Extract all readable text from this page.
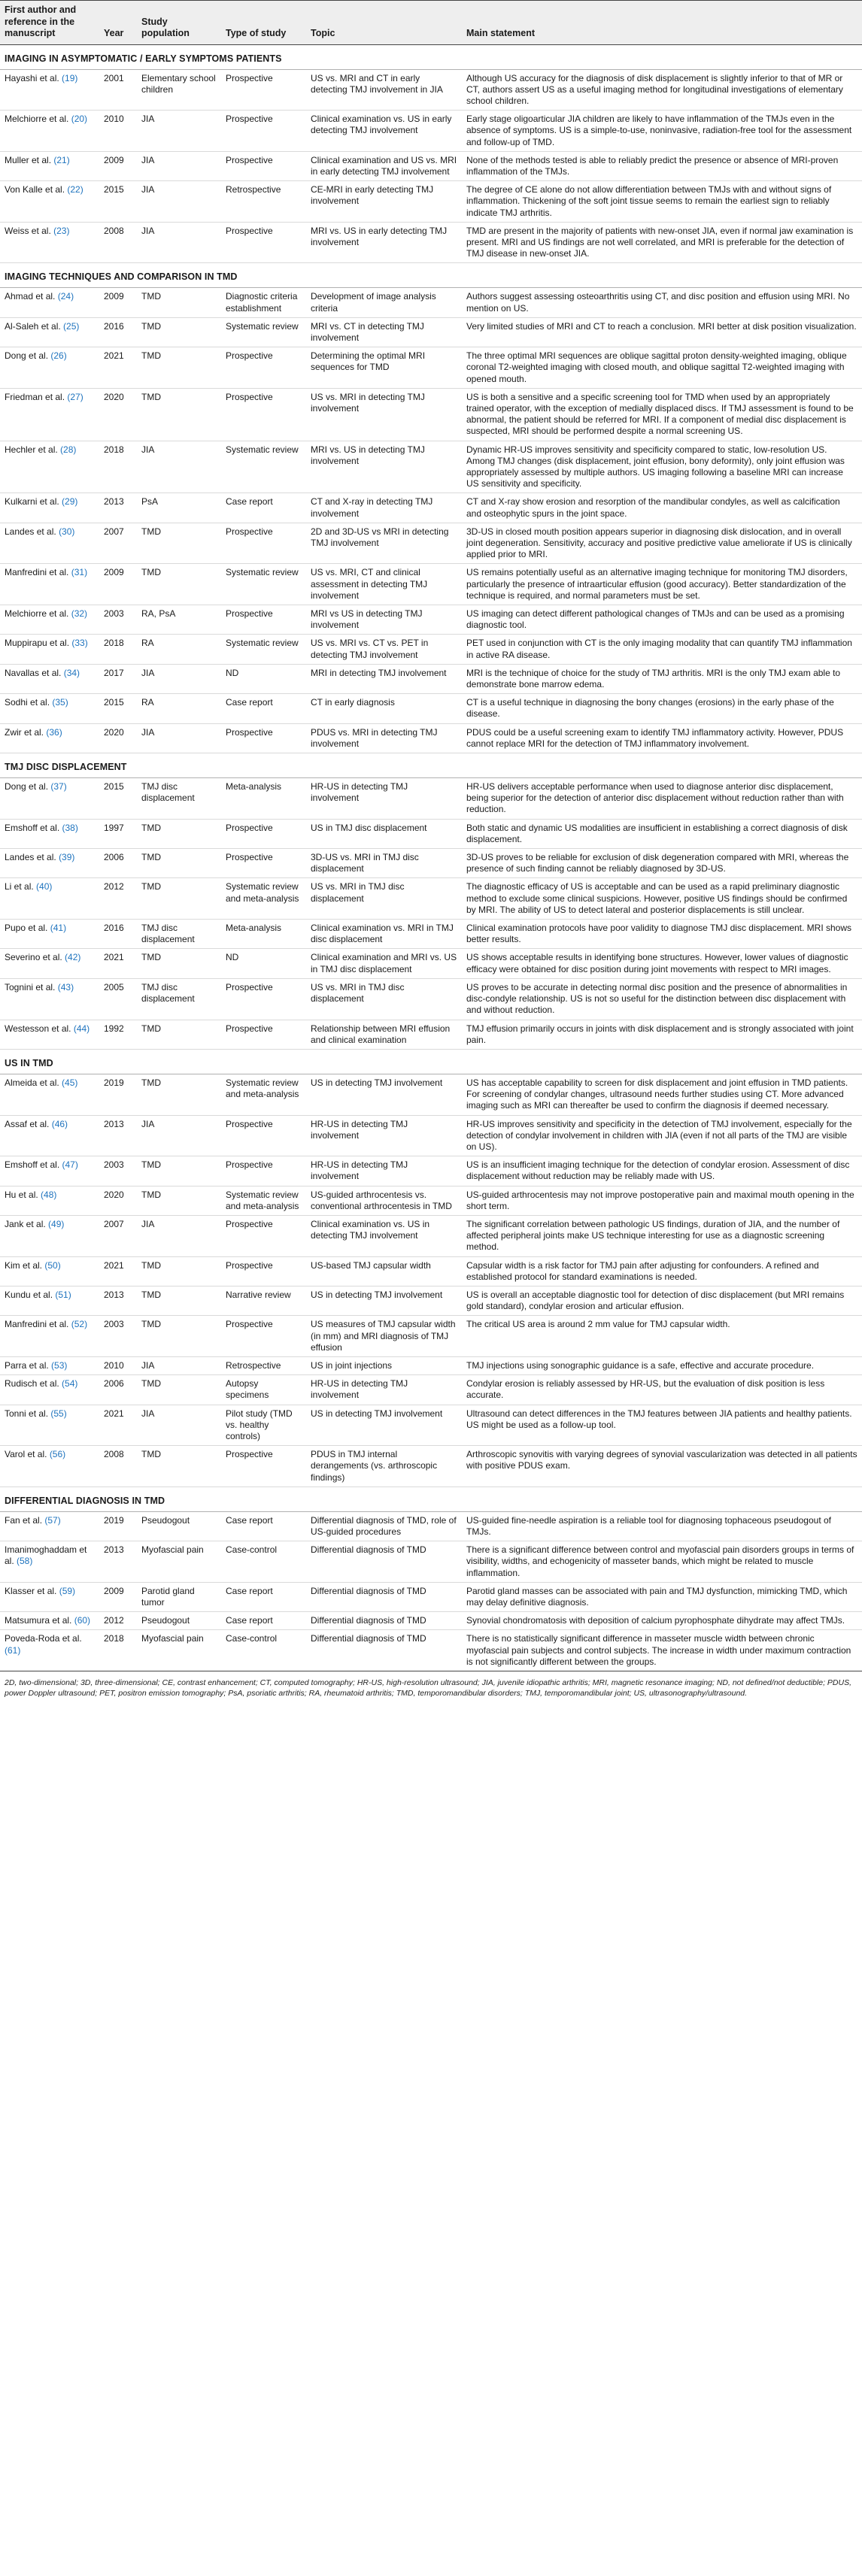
First author and reference in the manuscript	Year	Study population	Type of study	Topic	Main statement
IMAGING IN ASYMPTOMATIC / EARLY SYMPTOMS PATIENTS					
Hayashi et al. (19)	2001	Elementary school children	Prospective	US vs. MRI and CT in early detecting TMJ involvement in JIA	Although US accuracy for the diagnosis of disk displacement is slightly inferior to that of MR or CT, authors assert US as a useful imaging method for longitudinal investigations of elementary school children.
Melchiorre et al. (20)	2010	JIA	Prospective	Clinical examination vs. US in early detecting TMJ involvement	Early stage oligoarticular JIA children are likely to have inflammation of the TMJs even in the absence of symptoms. US is a simple-to-use, noninvasive, radiation-free tool for the assessment and follow-up of TMD.
Muller et al. (21)	2009	JIA	Prospective	Clinical examination and US vs. MRI in early detecting TMJ involvement	None of the methods tested is able to reliably predict the presence or absence of MRI-proven inflammation of the TMJs.
Von Kalle et al. (22)	2015	JIA	Retrospective	CE-MRI in early detecting TMJ involvement	The degree of CE alone do not allow differentiation between TMJs with and without signs of inflammation. Thickening of the soft joint tissue seems to remain the earliest sign to reliably indicate TMJ arthritis.
Weiss et al. (23)	2008	JIA	Prospective	MRI vs. US in early detecting TMJ involvement	TMD are present in the majority of patients with new-onset JIA, even if normal jaw examination is present. MRI and US findings are not well correlated, and MRI is preferable for the detection of TMJ disease in new-onset JIA.
IMAGING TECHNIQUES AND COMPARISON IN TMD					
Ahmad et al. (24)	2009	TMD	Diagnostic criteria establishment	Development of image analysis criteria	Authors suggest assessing osteoarthritis using CT, and disc position and effusion using MRI. No mention on US.
Al-Saleh et al. (25)	2016	TMD	Systematic review	MRI vs. CT in detecting TMJ involvement	Very limited studies of MRI and CT to reach a conclusion. MRI better at disk position visualization.
Dong et al. (26)	2021	TMD	Prospective	Determining the optimal MRI sequences for TMD	The three optimal MRI sequences are oblique sagittal proton density-weighted imaging, oblique coronal T2-weighted imaging with closed mouth, and oblique sagittal T2-weighted imaging with opened mouth.
Friedman et al. (27)	2020	TMD	Prospective	US vs. MRI in detecting TMJ involvement	US is both a sensitive and a specific screening tool for TMD when used by an appropriately trained operator, with the exception of medially displaced discs. If TMJ assessment is found to be abnormal, the patient should be referred for MRI. If a component of medial disc displacement is suspected, MRI should be performed despite a normal screening US.
Hechler et al. (28)	2018	JIA	Systematic review	MRI vs. US in detecting TMJ involvement	Dynamic HR-US improves sensitivity and specificity compared to static, low-resolution US. Among TMJ changes (disk displacement, joint effusion, bony deformity), only joint effusion was appropriately assessed by multiple authors. US imaging following a baseline MRI can increase US sensitivity and specificity.
Kulkarni et al. (29)	2013	PsA	Case report	CT and X-ray in detecting TMJ involvement	CT and X-ray show erosion and resorption of the mandibular condyles, as well as calcification and osteophytic spurs in the joint space.
Landes et al. (30)	2007	TMD	Prospective	2D and 3D-US vs MRI in detecting TMJ involvement	3D-US in closed mouth position appears superior in diagnosing disk dislocation, and in overall joint degeneration. Sensitivity, accuracy and positive predictive value ameliorate if US is clinically applied prior to MRI.
Manfredini et al. (31)	2009	TMD	Systematic review	US vs. MRI, CT and clinical assessment in detecting TMJ involvement	US remains potentially useful as an alternative imaging technique for monitoring TMJ disorders, particularly the presence of intraarticular effusion (good accuracy). Better standardization of the technique is required, and normal parameters must be set.
Melchiorre et al. (32)	2003	RA, PsA	Prospective	MRI vs US in detecting TMJ involvement	US imaging can detect different pathological changes of TMJs and can be used as a promising diagnostic tool.
Muppirapu et al. (33)	2018	RA	Systematic review	US vs. MRI vs. CT vs. PET in detecting TMJ involvement	PET used in conjunction with CT is the only imaging modality that can quantify TMJ inflammation in active RA disease.
Navallas et al. (34)	2017	JIA	ND	MRI in detecting TMJ involvement	MRI is the technique of choice for the study of TMJ arthritis. MRI is the only TMJ exam able to demonstrate bone marrow edema.
Sodhi et al. (35)	2015	RA	Case report	CT in early diagnosis	CT is a useful technique in diagnosing the bony changes (erosions) in the early phase of the disease.
Zwir et al. (36)	2020	JIA	Prospective	PDUS vs. MRI in detecting TMJ involvement	PDUS could be a useful screening exam to identify TMJ inflammatory activity. However, PDUS cannot replace MRI for the detection of TMJ inflammatory involvement.
TMJ DISC DISPLACEMENT					
Dong et al. (37)	2015	TMJ disc displacement	Meta-analysis	HR-US in detecting TMJ involvement	HR-US delivers acceptable performance when used to diagnose anterior disc displacement, being superior for the detection of anterior disc displacement without reduction rather than with reduction.
Emshoff et al. (38)	1997	TMD	Prospective	US in TMJ disc displacement	Both static and dynamic US modalities are insufficient in establishing a correct diagnosis of disk displacement.
Landes et al. (39)	2006	TMD	Prospective	3D-US vs. MRI in TMJ disc displacement	3D-US proves to be reliable for exclusion of disk degeneration compared with MRI, whereas the presence of such finding cannot be reliably diagnosed by 3D-US.
Li et al. (40)	2012	TMD	Systematic review and meta-analysis	US vs. MRI in TMJ disc displacement	The diagnostic efficacy of US is acceptable and can be used as a rapid preliminary diagnostic method to exclude some clinical suspicions. However, positive US findings should be confirmed by MRI. The ability of US to detect lateral and posterior displacements is still unclear.
Pupo et al. (41)	2016	TMJ disc displacement	Meta-analysis	Clinical examination vs. MRI in TMJ disc displacement	Clinical examination protocols have poor validity to diagnose TMJ disc displacement. MRI shows better results.
Severino et al. (42)	2021	TMD	ND	Clinical examination and MRI vs. US in TMJ disc displacement	US shows acceptable results in identifying bone structures. However, lower values of diagnostic efficacy were obtained for disc position during joint movements with respect to MRI images.
Tognini et al. (43)	2005	TMJ disc displacement	Prospective	US vs. MRI in TMJ disc displacement	US proves to be accurate in detecting normal disc position and the presence of abnormalities in disc-condyle relationship. US is not so useful for the distinction between disc displacement with and without reduction.
Westesson et al. (44)	1992	TMD	Prospective	Relationship between MRI effusion and clinical examination	TMJ effusion primarily occurs in joints with disk displacement and is strongly associated with joint pain.
US IN TMD					
Almeida et al. (45)	2019	TMD	Systematic review and meta-analysis	US in detecting TMJ involvement	US has acceptable capability to screen for disk displacement and joint effusion in TMD patients. For screening of condylar changes, ultrasound needs further studies using CT. More advanced imaging such as MRI can thereafter be used to confirm the diagnosis if deemed necessary.
Assaf et al. (46)	2013	JIA	Prospective	HR-US in detecting TMJ involvement	HR-US improves sensitivity and specificity in the detection of TMJ involvement, especially for the detection of condylar involvement in children with JIA (even if not all parts of the TMJ are visible on US).
Emshoff et al. (47)	2003	TMD	Prospective	HR-US in detecting TMJ involvement	US is an insufficient imaging technique for the detection of condylar erosion. Assessment of disc displacement without reduction may be reliably made with US.
Hu et al. (48)	2020	TMD	Systematic review and meta-analysis	US-guided arthrocentesis vs. conventional arthrocentesis in TMD	US-guided arthrocentesis may not improve postoperative pain and maximal mouth opening in the short term.
Jank et al. (49)	2007	JIA	Prospective	Clinical examination vs. US in detecting TMJ involvement	The significant correlation between pathologic US findings, duration of JIA, and the number of affected peripheral joints make US technique interesting for use as a diagnostic screening method.
Kim et al. (50)	2021	TMD	Prospective	US-based TMJ capsular width	Capsular width is a risk factor for TMJ pain after adjusting for confounders. A refined and established protocol for standard examinations is needed.
Kundu et al. (51)	2013	TMD	Narrative review	US in detecting TMJ involvement	US is overall an acceptable diagnostic tool for detection of disc displacement (but MRI remains gold standard), condylar erosion and articular effusion.
Manfredini et al. (52)	2003	TMD	Prospective	US measures of TMJ capsular width (in mm) and MRI diagnosis of TMJ effusion	The critical US area is around 2 mm value for TMJ capsular width.
Parra et al. (53)	2010	JIA	Retrospective	US in joint injections	TMJ injections using sonographic guidance is a safe, effective and accurate procedure.
Rudisch et al. (54)	2006	TMD	Autopsy specimens	HR-US in detecting TMJ involvement	Condylar erosion is reliably assessed by HR-US, but the evaluation of disk position is less accurate.
Tonni et al. (55)	2021	JIA	Pilot study (TMD vs. healthy controls)	US in detecting TMJ involvement	Ultrasound can detect differences in the TMJ features between JIA patients and healthy patients. US might be used as a follow-up tool.
Varol et al. (56)	2008	TMD	Prospective	PDUS in TMJ internal derangements (vs. arthroscopic findings)	Arthroscopic synovitis with varying degrees of synovial vascularization was detected in all patients with positive PDUS exam.
DIFFERENTIAL DIAGNOSIS IN TMD					
Fan et al. (57)	2019	Pseudogout	Case report	Differential diagnosis of TMD, role of US-guided procedures	US-guided fine-needle aspiration is a reliable tool for diagnosing tophaceous pseudogout of TMJs.
Imanimoghaddam et al. (58)	2013	Myofascial pain	Case-control	Differential diagnosis of TMD	There is a significant difference between control and myofascial pain disorders groups in terms of visibility, widths, and echogenicity of masseter bands, which might be related to muscle inflammation.
Klasser et al. (59)	2009	Parotid gland tumor	Case report	Differential diagnosis of TMD	Parotid gland masses can be associated with pain and TMJ dysfunction, mimicking TMD, which may delay definitive diagnosis.
Matsumura et al. (60)	2012	Pseudogout	Case report	Differential diagnosis of TMD	Synovial chondromatosis with deposition of calcium pyrophosphate dihydrate may affect TMJs.
Poveda-Roda et al. (61)	2018	Myofascial pain	Case-control	Differential diagnosis of TMD	There is no statistically significant difference in masseter muscle width between chronic myofascial pain subjects and control subjects. The increase in width under maximum contraction is not significantly different between the groups.
2D, two-dimensional; 3D, three-dimensional; CE, contrast enhancement; CT, computed tomography; HR-US, high-resolution ultrasound; JIA, juvenile idiopathic arthritis; MRI, magnetic resonance imaging; ND, not defined/not deductible; PDUS, power Doppler ultrasound; PET, positron emission tomography; PsA, psoriatic arthritis; RA, rheumatoid arthritis; TMD, temporomandibular disorders; TMJ, temporomandibular joint; US, ultrasonography/ultrasound.
